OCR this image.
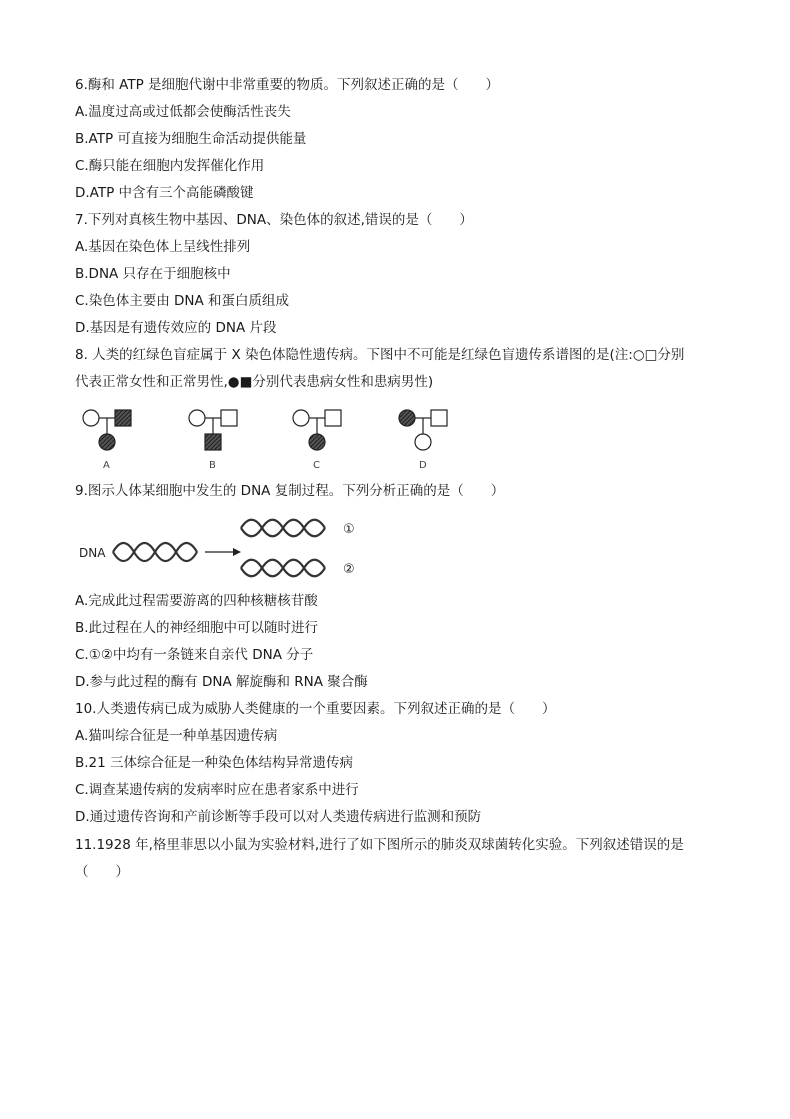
6.酶和 ATP 是细胞代谢中非常重要的物质。下列叙述正确的是（　　）
A.温度过高或过低都会使酶活性丧失
B.ATP 可直接为细胞生命活动提供能量
C.酶只能在细胞内发挥催化作用
D.ATP 中含有三个高能磷酸键
7.下列对真核生物中基因、DNA、染色体的叙述,错误的是（　　）
A.基因在染色体上呈线性排列
B.DNA 只存在于细胞核中
C.染色体主要由 DNA 和蛋白质组成
D.基因是有遗传效应的 DNA 片段
8. 人类的红绿色盲症属于 X 染色体隐性遗传病。下图中不可能是红绿色盲遗传系谱图的是(注:○□分别
代表正常女性和正常男性,●■分别代表患病女性和患病男性)
A	B	C	D
9.图示人体某细胞中发生的 DNA 复制过程。下列分析正确的是（　　）
DNA
①
②
A.完成此过程需要游离的四种核糖核苷酸
B.此过程在人的神经细胞中可以随时进行
C.①②中均有一条链来自亲代 DNA 分子
D.参与此过程的酶有 DNA 解旋酶和 RNA 聚合酶
10.人类遗传病已成为威胁人类健康的一个重要因素。下列叙述正确的是（　　）
A.猫叫综合征是一种单基因遗传病
B.21 三体综合征是一种染色体结构异常遗传病
C.调查某遗传病的发病率时应在患者家系中进行
D.通过遗传咨询和产前诊断等手段可以对人类遗传病进行监测和预防
11.1928 年,格里菲思以小鼠为实验材料,进行了如下图所示的肺炎双球菌转化实验。下列叙述错误的是
（　　）
